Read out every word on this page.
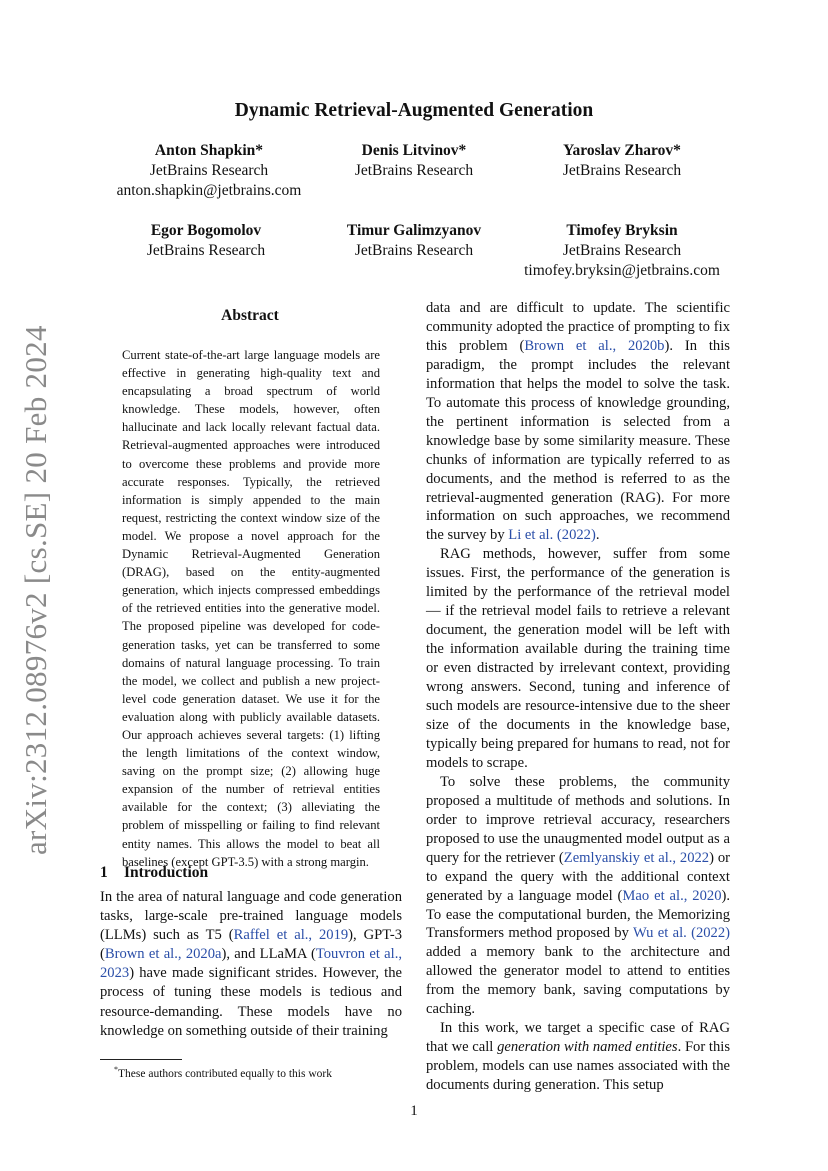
arXiv:2312.08976v2 [cs.SE] 20 Feb 2024
Dynamic Retrieval-Augmented Generation
Anton Shapkin*
JetBrains Research
anton.shapkin@jetbrains.com
Denis Litvinov*
JetBrains Research
Yaroslav Zharov*
JetBrains Research
Egor Bogomolov
JetBrains Research
Timur Galimzyanov
JetBrains Research
Timofey Bryksin
JetBrains Research
timofey.bryksin@jetbrains.com
Abstract

Current state-of-the-art large language models are effective in generating high-quality text and encapsulating a broad spectrum of world knowledge. These models, however, often hallucinate and lack locally relevant factual data. Retrieval-augmented approaches were introduced to overcome these problems and provide more accurate responses. Typically, the retrieved information is simply appended to the main request, restricting the context window size of the model. We propose a novel approach for the Dynamic Retrieval-Augmented Generation (DRAG), based on the entity-augmented generation, which injects compressed embeddings of the retrieved entities into the generative model. The proposed pipeline was developed for code-generation tasks, yet can be transferred to some domains of natural language processing. To train the model, we collect and publish a new project-level code generation dataset. We use it for the evaluation along with publicly available datasets. Our approach achieves several targets: (1) lifting the length limitations of the context window, saving on the prompt size; (2) allowing huge expansion of the number of retrieval entities available for the context; (3) alleviating the problem of misspelling or failing to find relevant entity names. This allows the model to beat all baselines (except GPT-3.5) with a strong margin.

1 Introduction

In the area of natural language and code generation tasks, large-scale pre-trained language models (LLMs) such as T5 (Raffel et al., 2019), GPT-3 (Brown et al., 2020a), and LLaMA (Touvron et al., 2023) have made significant strides. However, the process of tuning these models is tedious and resource-demanding. These models have no knowledge on something outside of their training

*These authors contributed equally to this work

data and are difficult to update. The scientific community adopted the practice of prompting to fix this problem (Brown et al., 2020b). In this paradigm, the prompt includes the relevant information that helps the model to solve the task. To automate this process of knowledge grounding, the pertinent information is selected from a knowledge base by some similarity measure. These chunks of information are typically referred to as documents, and the method is referred to as the retrieval-augmented generation (RAG). For more information on such approaches, we recommend the survey by Li et al. (2022).

RAG methods, however, suffer from some issues. First, the performance of the generation is limited by the performance of the retrieval model — if the retrieval model fails to retrieve a relevant document, the generation model will be left with the information available during the training time or even distracted by irrelevant context, providing wrong answers. Second, tuning and inference of such models are resource-intensive due to the sheer size of the documents in the knowledge base, typically being prepared for humans to read, not for models to scrape.

To solve these problems, the community proposed a multitude of methods and solutions. In order to improve retrieval accuracy, researchers proposed to use the unaugmented model output as a query for the retriever (Zemlyanskiy et al., 2022) or to expand the query with the additional context generated by a language model (Mao et al., 2020). To ease the computational burden, the Memorizing Transformers method proposed by Wu et al. (2022) added a memory bank to the architecture and allowed the generator model to attend to entities from the memory bank, saving computations by caching.

In this work, we target a specific case of RAG that we call generation with named entities. For this problem, models can use names associated with the documents during generation. This setup

1
